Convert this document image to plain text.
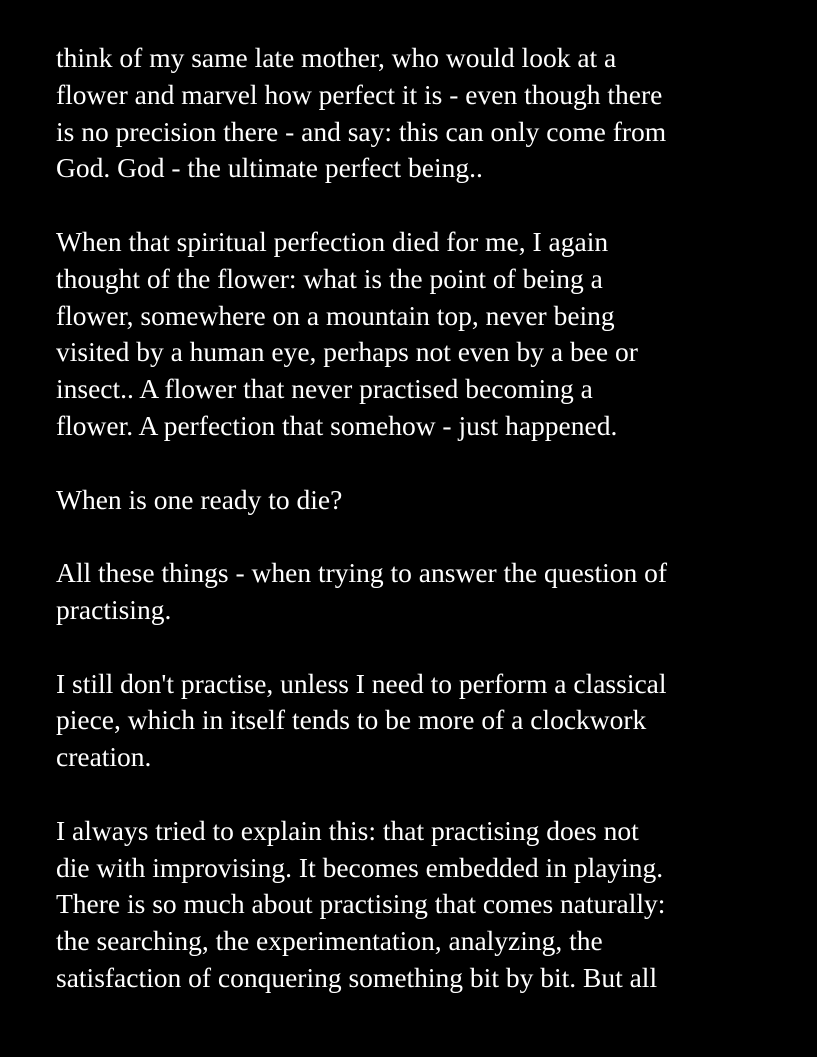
think of my same late mother, who would look at a
flower and marvel how perfect it is - even though there
is no precision there - and say: this can only come from
God. God - the ultimate perfect being..

When that spiritual perfection died for me, I again
thought of the flower: what is the point of being a
flower, somewhere on a mountain top, never being
visited by a human eye, perhaps not even by a bee or
insect.. A flower that never practised becoming a
flower. A perfection that somehow - just happened.

When is one ready to die?

All these things - when trying to answer the question of
practising.

I still don't practise, unless I need to perform a classical
piece, which in itself tends to be more of a clockwork
creation.

I always tried to explain this: that practising does not
die with improvising. It becomes embedded in playing.
There is so much about practising that comes naturally:
the searching, the experimentation, analyzing, the
satisfaction of conquering something bit by bit. But all
